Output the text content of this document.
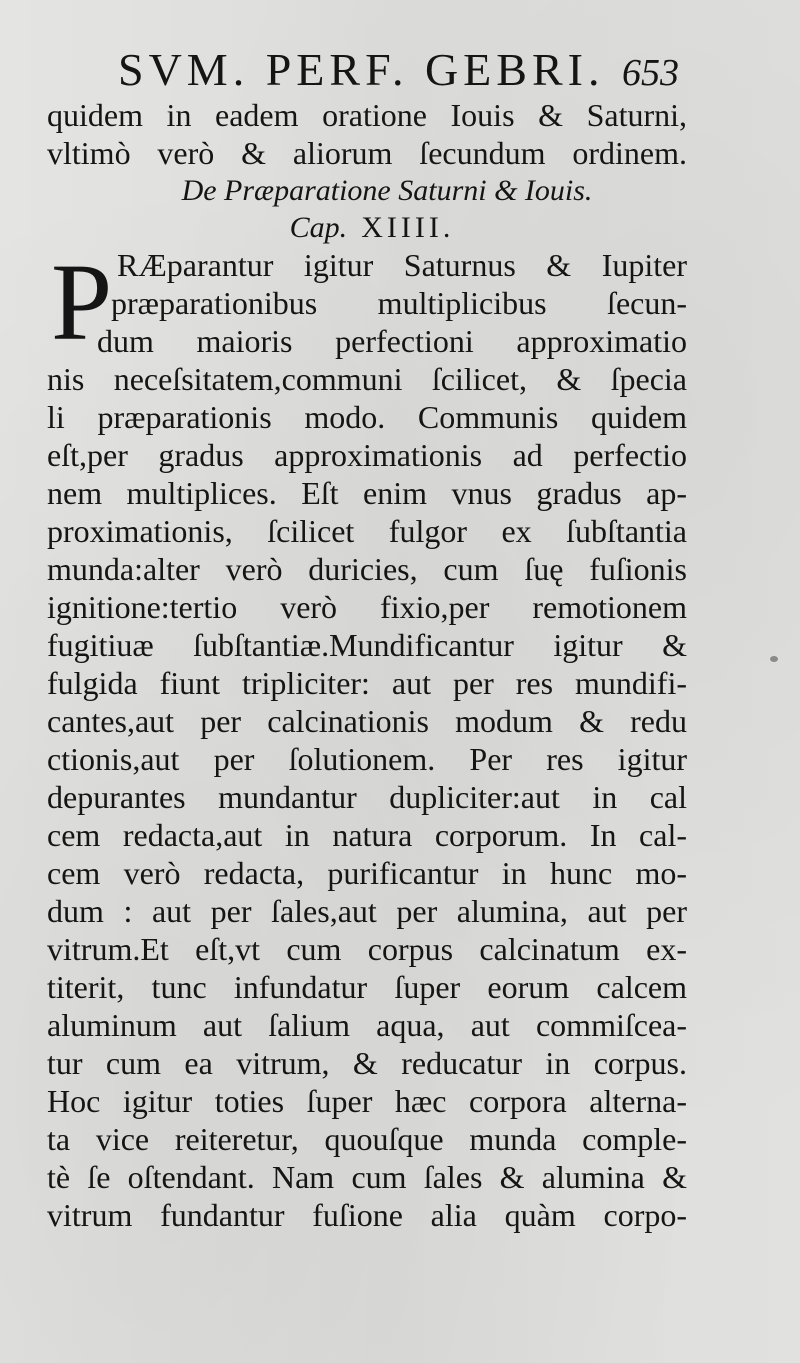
SVM. PERF. GEBRI. 653
quidem in eadem oratione Iouis & Saturni,
vltimò verò & aliorum ſecundum ordinem.
De Præparatione Saturni & Iouis.
Cap. XIIII.
P RÆparantur igitur Saturnus & Iupiter
præparationibus multiplicibus ſecun-
dum maioris perfectioni approximatio
nis neceſsitatem,communi ſcilicet, & ſpecia
li præparationis modo. Communis quidem
eſt,per gradus approximationis ad perfectio
nem multiplices. Eſt enim vnus gradus ap-
proximationis, ſcilicet fulgor ex ſubſtantia
munda:alter verò duricies, cum ſuę fuſionis
ignitione:tertio verò fixio,per remotionem
fugitiuæ ſubſtantiæ.Mundificantur igitur &
fulgida fiunt tripliciter: aut per res mundifi-
cantes,aut per calcinationis modum & redu
ctionis,aut per ſolutionem. Per res igitur
depurantes mundantur dupliciter:aut in cal
cem redacta,aut in natura corporum. In cal-
cem verò redacta, purificantur in hunc mo-
dum : aut per ſales,aut per alumina, aut per
vitrum.Et eſt,vt cum corpus calcinatum ex-
titerit, tunc infundatur ſuper eorum calcem
aluminum aut ſalium aqua, aut commiſcea-
tur cum ea vitrum, & reducatur in corpus.
Hoc igitur toties ſuper hæc corpora alterna-
ta vice reiteretur, quouſque munda comple-
tè ſe oſtendant. Nam cum ſales & alumina &
vitrum fundantur fuſione alia quàm corpo-
